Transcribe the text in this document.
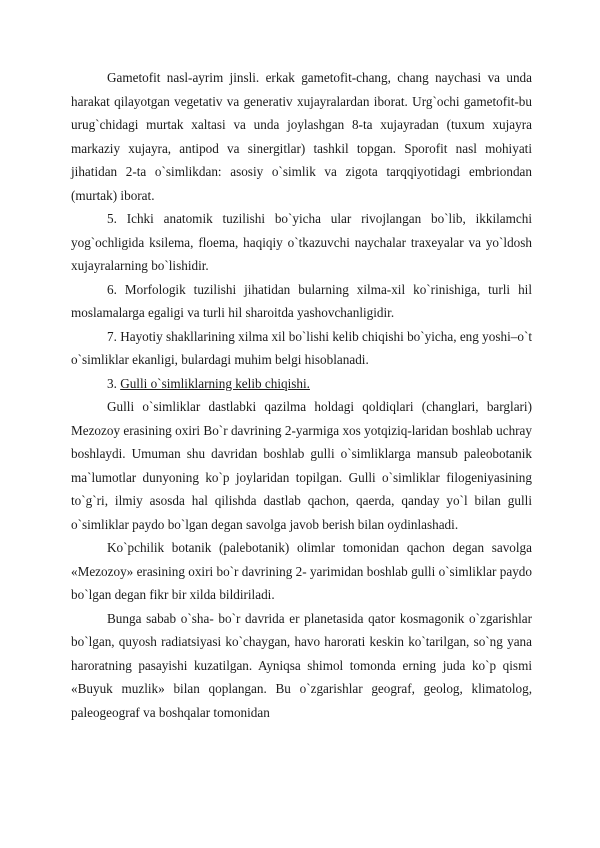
Gametofit nasl-ayrim jinsli. erkak gametofit-chang, chang naychasi va unda harakat qilayotgan vegetativ va generativ xujayralardan iborat. Urg`ochi gametofit-bu urug`chidagi murtak xaltasi va unda joylashgan 8-ta xujayradan (tuxum xujayra markaziy xujayra, antipod va sinergitlar) tashkil topgan. Sporofit nasl mohiyati jihatidan 2-ta o`simlikdan: asosiy o`simlik va zigota tarqqiyotidagi embriondan (murtak) iborat.

5. Ichki anatomik tuzilishi bo`yicha ular rivojlangan bo`lib, ikkilamchi yog`ochligida ksilema, floema, haqiqiy o`tkazuvchi naychalar traxeyalar va yo`ldosh xujayralarning bo`lishidir.

6. Morfologik tuzilishi jihatidan bularning xilma-xil ko`rinishiga, turli hil moslamalarga egaligi va turli hil sharoitda yashovchanligidir.

7. Hayotiy shakllarining xilma xil bo`lishi kelib chiqishi bo`yicha, eng yoshi–o`t o`simliklar ekanligi, bulardagi muhim belgi hisoblanadi.

3. Gulli o`simliklarning kelib chiqishi.

Gulli o`simliklar dastlabki qazilma holdagi qoldiqlari (changlari, barglari) Mezozoy erasining oxiri Bo`r davrining 2-yarmiga xos yotqiziq-laridan boshlab uchray boshlaydi. Umuman shu davridan boshlab gulli o`simliklarga mansub paleobotanik ma`lumotlar dunyoning ko`p joylaridan topilgan. Gulli o`simliklar filogeniyasining to`g`ri, ilmiy asosda hal qilishda dastlab qachon, qaerda, qanday yo`l bilan gulli o`simliklar paydo bo`lgan degan savolga javob berish bilan oydinlashadi.

Ko`pchilik botanik (palebotanik) olimlar tomonidan qachon degan savolga «Mezozoy» erasining oxiri bo`r davrining 2- yarimidan boshlab gulli o`simliklar paydo bo`lgan degan fikr bir xilda bildiriladi.

Bunga sabab o`sha- bo`r davrida er planetasida qator kosmagonik o`zgarishlar bo`lgan, quyosh radiatsiyasi ko`chaygan, havo harorati keskin ko`tarilgan, so`ng yana haroratning pasayishi kuzatilgan. Ayniqsa shimol tomonda erning juda ko`p qismi «Buyuk muzlik» bilan qoplangan. Bu o`zgarishlar geograf, geolog, klimatolog, paleogeograf va boshqalar tomonidan
